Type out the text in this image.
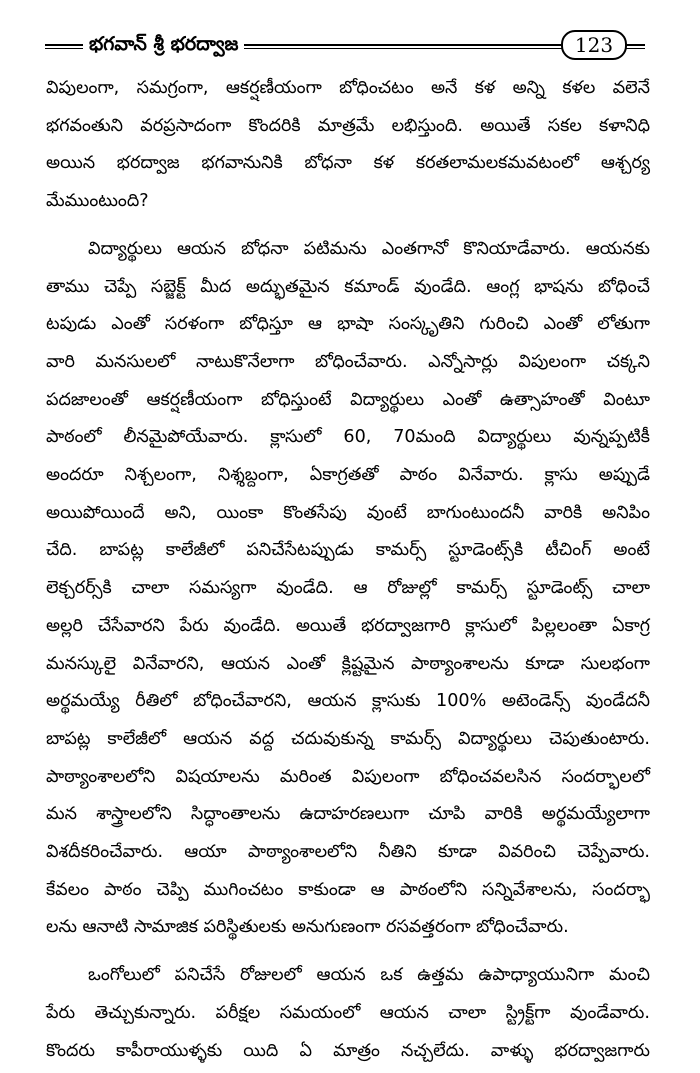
భగవాన్ శ్రీ భరద్వాజ	123

విపులంగా, సమగ్రంగా, ఆకర్షణీయంగా బోధించటం అనే కళ అన్ని కళల వలెనే
భగవంతుని వరప్రసాదంగా కొందరికి మాత్రమే లభిస్తుంది. అయితే సకల కళానిధి
అయిన భరద్వాజ భగవానునికి బోధనా కళ కరతలామలకమవటంలో ఆశ్చర్య
మేముంటుంది?

విద్యార్థులు ఆయన బోధనా పటిమను ఎంతగానో కొనియాడేవారు. ఆయనకు
తాము చెప్పే సబ్జెక్ట్ మీద అద్భుతమైన కమాండ్ వుండేది. ఆంగ్ల భాషను బోధించే
టపుడు ఎంతో సరళంగా బోధిస్తూ ఆ భాషా సంస్కృతిని గురించి ఎంతో లోతుగా
వారి మనసులలో నాటుకొనేలాగా బోధించేవారు. ఎన్నోసార్లు విపులంగా చక్కని
పదజాలంతో ఆకర్షణీయంగా బోధిస్తుంటే విద్యార్థులు ఎంతో ఉత్సాహంతో వింటూ
పాఠంలో లీనమైపోయేవారు. క్లాసులో 60, 70మంది విద్యార్థులు వున్నప్పటికీ
అందరూ నిశ్చలంగా, నిశ్శబ్దంగా, ఏకాగ్రతతో పాఠం వినేవారు. క్లాసు అప్పుడే
అయిపోయిందే అని, యింకా కొంతసేపు వుంటే బాగుంటుందనీ వారికి అనిపిం
చేది. బాపట్ల కాలేజీలో పనిచేసేటప్పుడు కామర్స్ స్టూడెంట్స్‌కి టీచింగ్ అంటే
లెక్చరర్స్‌కి చాలా సమస్యగా వుండేది. ఆ రోజుల్లో కామర్స్ స్టూడెంట్స్ చాలా
అల్లరి చేసేవారని పేరు వుండేది. అయితే భరద్వాజగారి క్లాసులో పిల్లలంతా ఏకాగ్ర
మనస్కులై వినేవారని, ఆయన ఎంతో క్లిష్టమైన పాఠ్యాంశాలను కూడా సులభంగా
అర్థమయ్యే రీతిలో బోధించేవారని, ఆయన క్లాసుకు 100% అటెండెన్స్ వుండేదనీ
బాపట్ల కాలేజీలో ఆయన వద్ద చదువుకున్న కామర్స్ విద్యార్థులు చెపుతుంటారు.
పాఠ్యాంశాలలోని విషయాలను మరింత విపులంగా బోధించవలసిన సందర్భాలలో
మన శాస్త్రాలలోని సిద్ధాంతాలను ఉదాహరణలుగా చూపి వారికి అర్థమయ్యేలాగా
విశదీకరించేవారు. ఆయా పాఠ్యాంశాలలోని నీతిని కూడా వివరించి చెప్పేవారు.
కేవలం పాఠం చెప్పి ముగించటం కాకుండా ఆ పాఠంలోని సన్నివేశాలను, సందర్భా
లను ఆనాటి సామాజిక పరిస్థితులకు అనుగుణంగా రసవత్తరంగా బోధించేవారు.

ఒంగోలులో పనిచేసే రోజులలో ఆయన ఒక ఉత్తమ ఉపాధ్యాయునిగా మంచి
పేరు తెచ్చుకున్నారు. పరీక్షల సమయంలో ఆయన చాలా స్ట్రిక్ట్‌గా వుండేవారు.
కొందరు కాపీరాయుళ్ళకు యిది ఏ మాత్రం నచ్చలేదు. వాళ్ళు భరద్వాజగారు
